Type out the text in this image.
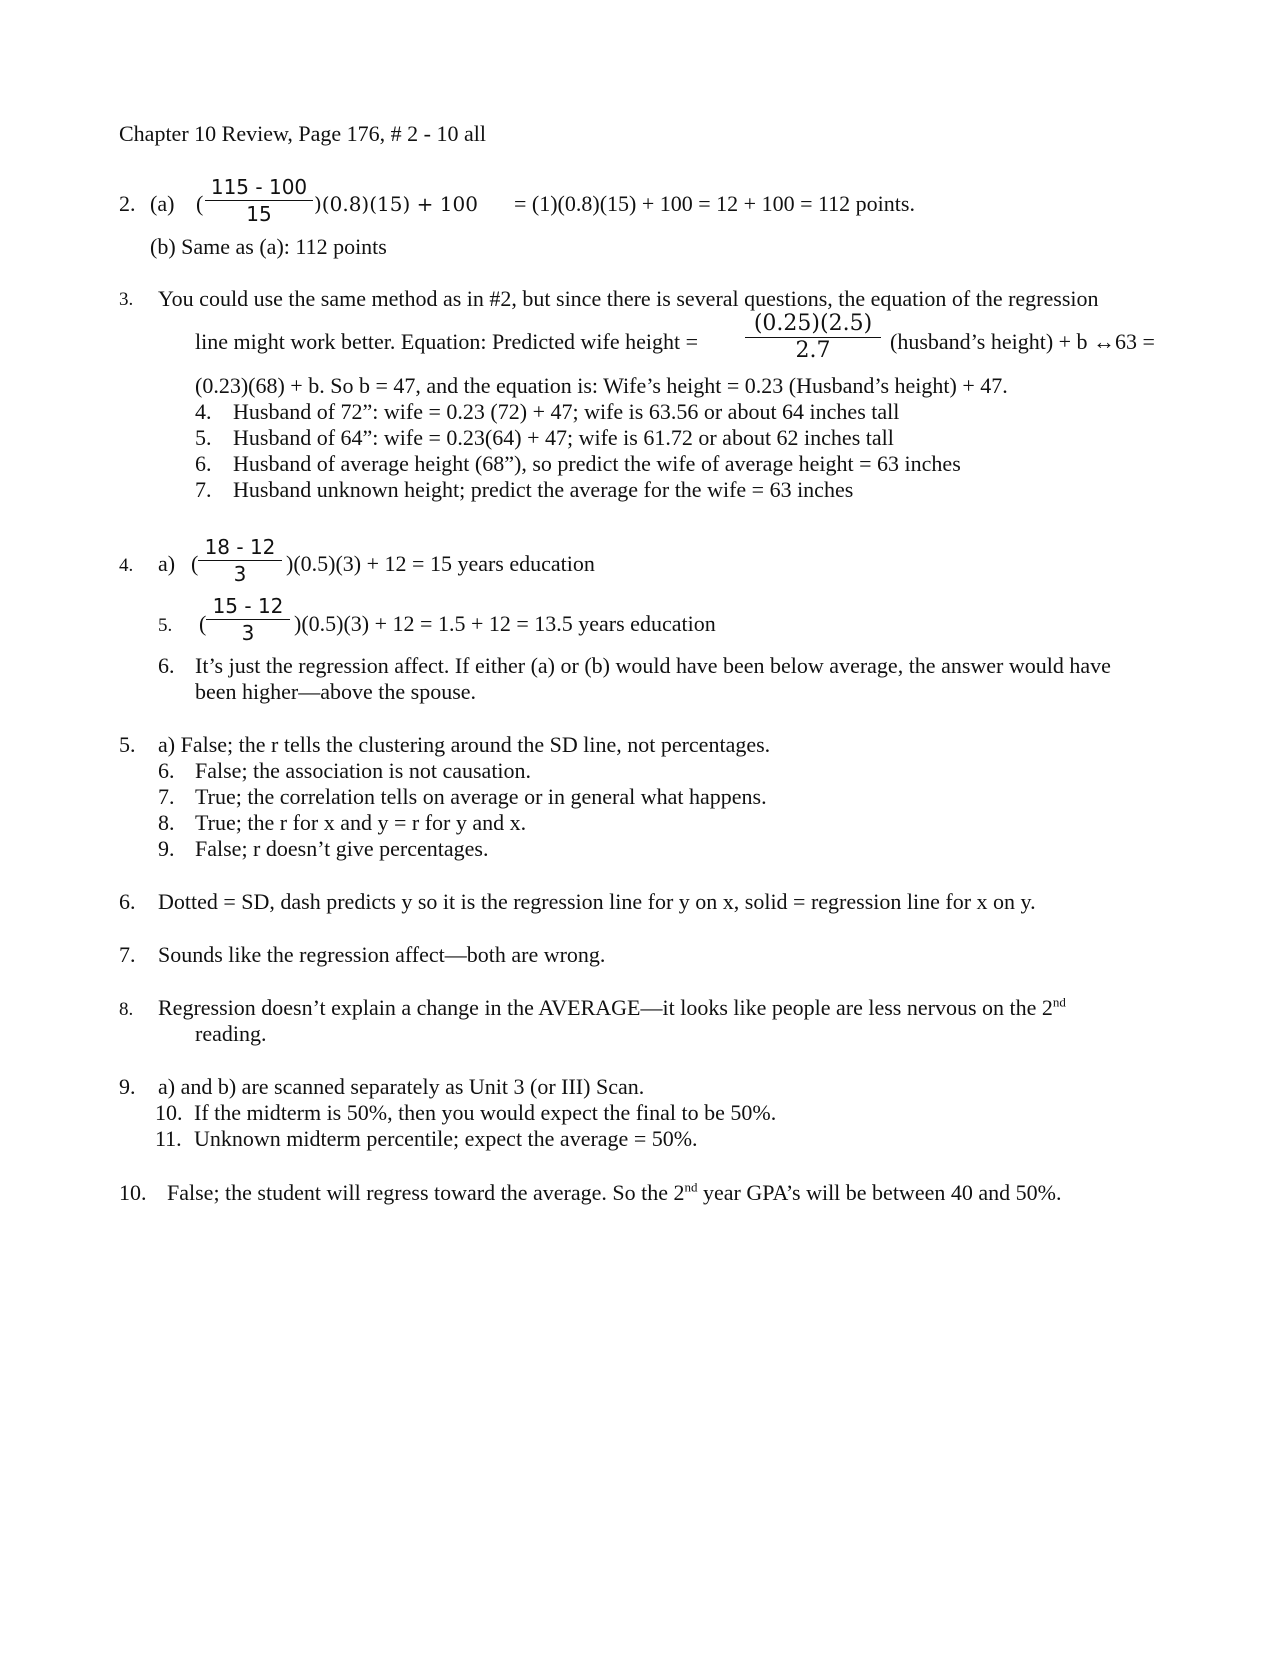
Chapter 10 Review, Page 176, # 2 - 10 all
2. (a) (
115 - 100
15	)(0.8)(15) + 100 = (1)(0.8)(15) + 100 = 12 + 100 = 112 points.
(b) Same as (a): 112 points
3. You could use the same method as in #2, but since there is several questions, the equation of the regression
line might work better. Equation: Predicted wife height =
(0.25)(2.5)
2.7	(husband’s height) + b ↔63 =
(0.23)(68) + b. So b = 47, and the equation is: Wife’s height = 0.23 (Husband’s height) + 47.
4. Husband of 72”: wife = 0.23 (72) + 47; wife is 63.56 or about 64 inches tall
5. Husband of 64”: wife = 0.23(64) + 47; wife is 61.72 or about 62 inches tall
6. Husband of average height (68”), so predict the wife of average height = 63 inches
7. Husband unknown height; predict the average for the wife = 63 inches
4. a) (
18 - 12
3	)(0.5)(3) + 12 = 15 years education
5. (
15 - 12
3	)(0.5)(3) + 12 = 1.5 + 12 = 13.5 years education
6. It’s just the regression affect. If either (a) or (b) would have been below average, the answer would have
been higher—above the spouse.
5. a) False; the r tells the clustering around the SD line, not percentages.
6. False; the association is not causation.
7. True; the correlation tells on average or in general what happens.
8. True; the r for x and y = r for y and x.
9. False; r doesn’t give percentages.
6. Dotted = SD, dash predicts y so it is the regression line for y on x, solid = regression line for x on y.
7. Sounds like the regression affect—both are wrong.
8. Regression doesn’t explain a change in the AVERAGE—it looks like people are less nervous on the 2nd
reading.
9. a) and b) are scanned separately as Unit 3 (or III) Scan.
10. If the midterm is 50%, then you would expect the final to be 50%.
11. Unknown midterm percentile; expect the average = 50%.
10. False; the student will regress toward the average. So the 2nd year GPA’s will be between 40 and 50%.
